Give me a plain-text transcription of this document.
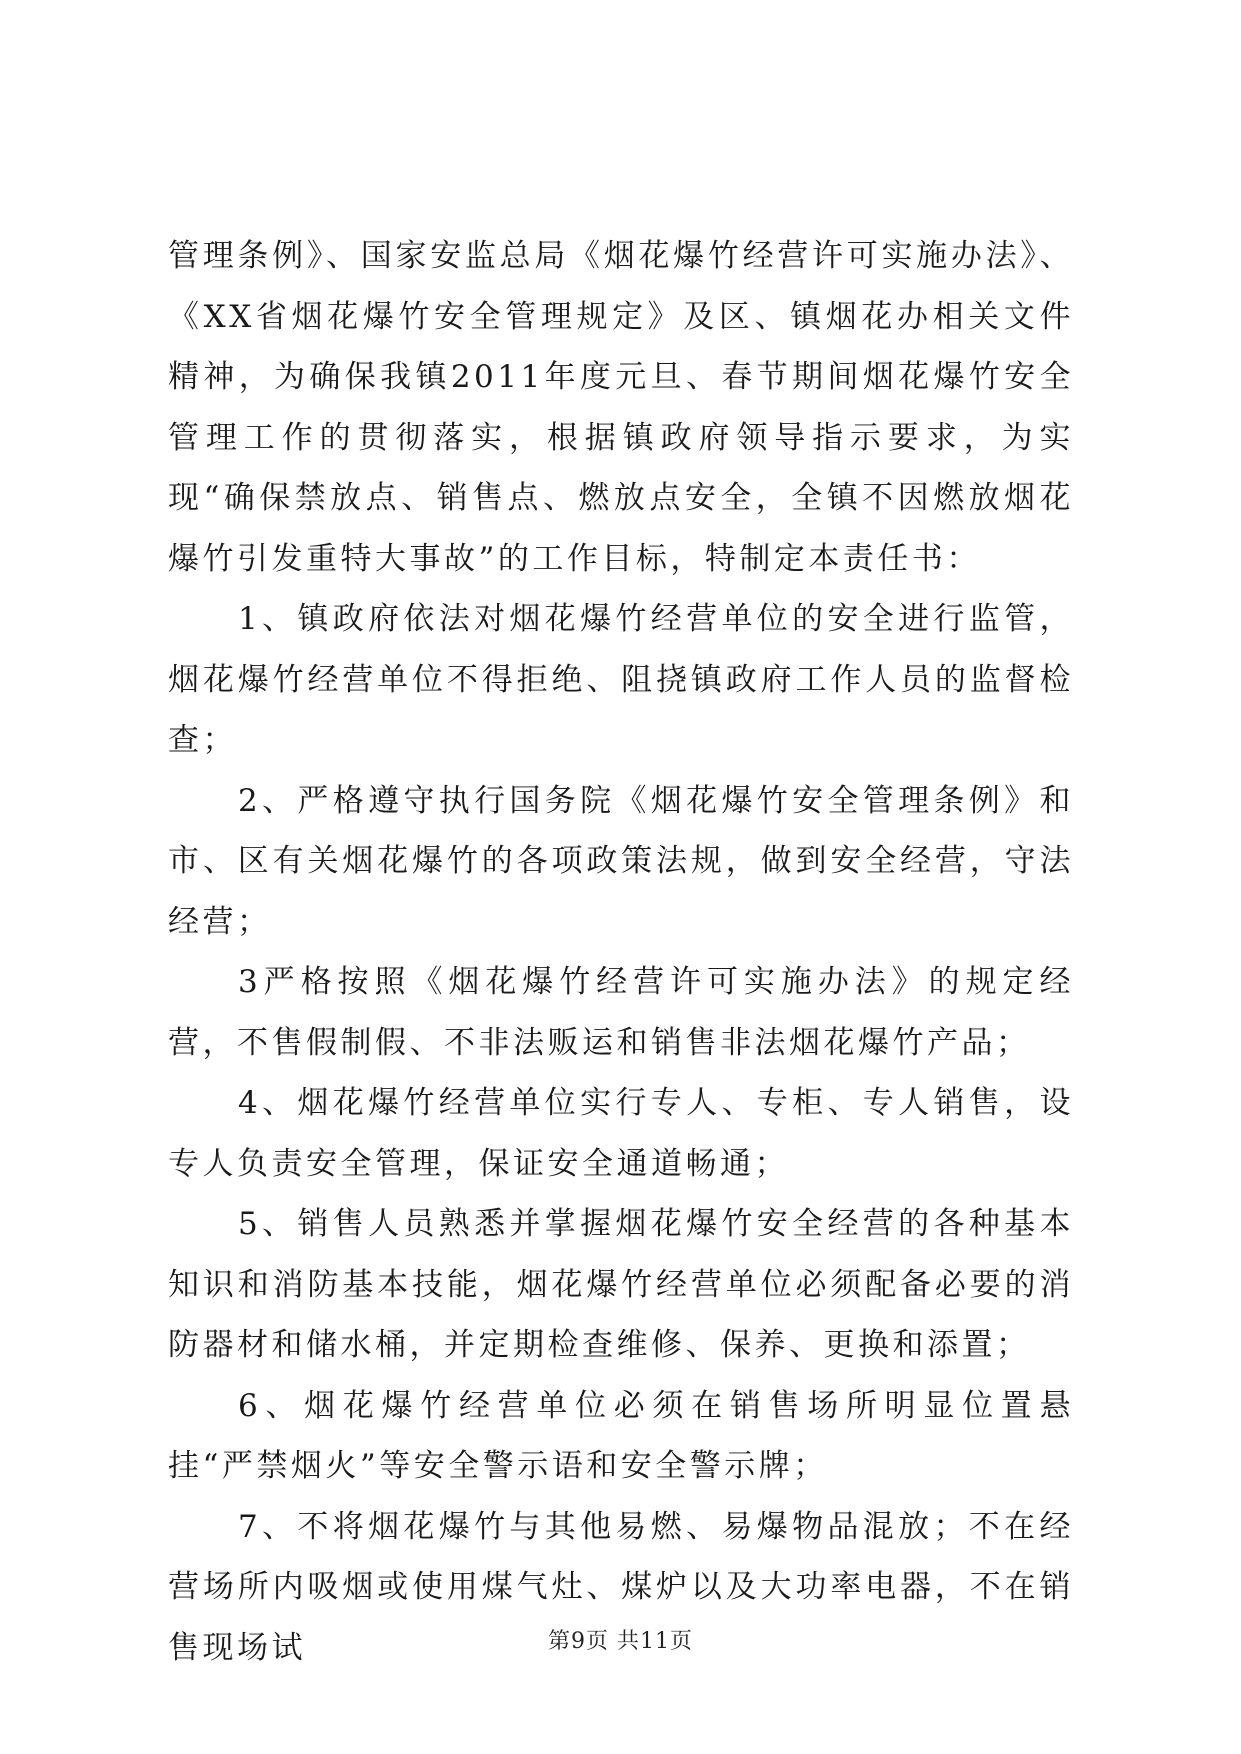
管理条例》、国家安监总局《烟花爆竹经营许可实施办法》、《XX省烟花爆竹安全管理规定》及区、镇烟花办相关文件精神，为确保我镇2011年度元旦、春节期间烟花爆竹安全管理工作的贯彻落实，根据镇政府领导指示要求，为实现“确保禁放点、销售点、燃放点安全，全镇不因燃放烟花爆竹引发重特大事故”的工作目标，特制定本责任书：

1、镇政府依法对烟花爆竹经营单位的安全进行监管，烟花爆竹经营单位不得拒绝、阻挠镇政府工作人员的监督检查；

2、严格遵守执行国务院《烟花爆竹安全管理条例》和市、区有关烟花爆竹的各项政策法规，做到安全经营，守法经营；

3严格按照《烟花爆竹经营许可实施办法》的规定经营，不售假制假、不非法贩运和销售非法烟花爆竹产品；

4、烟花爆竹经营单位实行专人、专柜、专人销售，设专人负责安全管理，保证安全通道畅通；

5、销售人员熟悉并掌握烟花爆竹安全经营的各种基本知识和消防基本技能，烟花爆竹经营单位必须配备必要的消防器材和储水桶，并定期检查维修、保养、更换和添置；

6、烟花爆竹经营单位必须在销售场所明显位置悬挂“严禁烟火”等安全警示语和安全警示牌；

7、不将烟花爆竹与其他易燃、易爆物品混放；不在经营场所内吸烟或使用煤气灶、煤炉以及大功率电器，不在销售现场试	第9页 共11页
